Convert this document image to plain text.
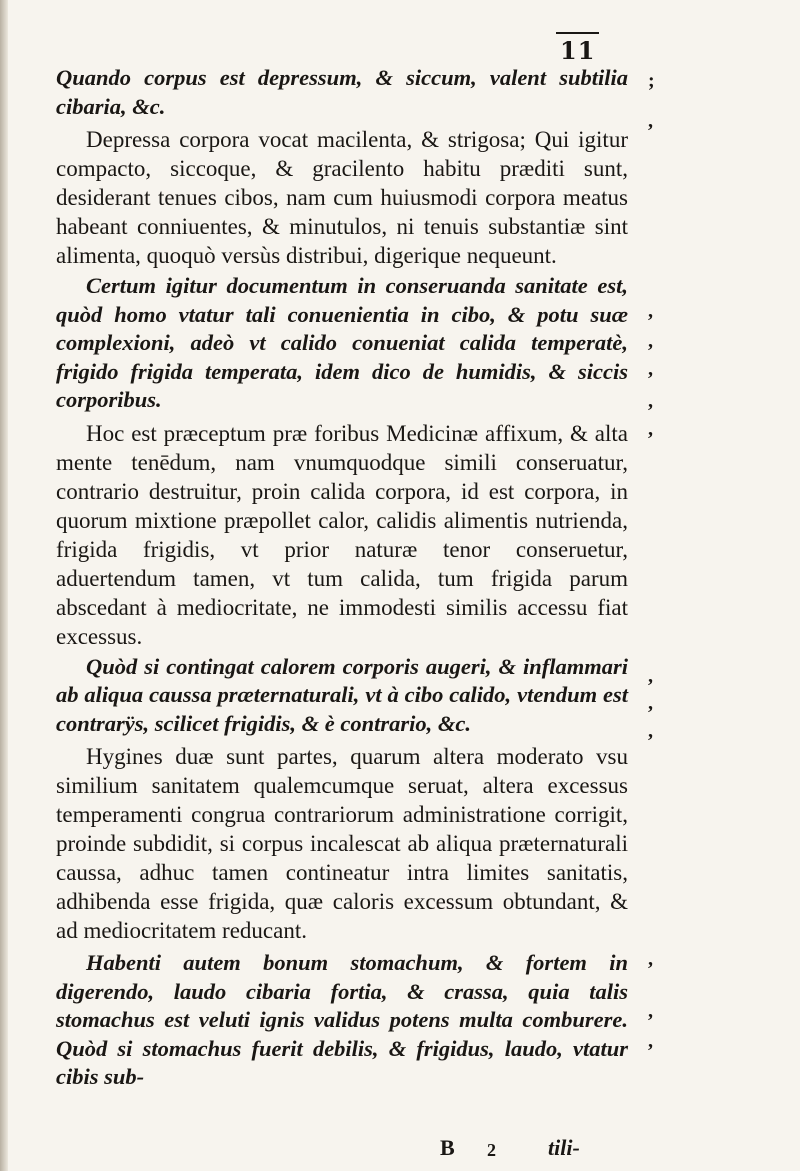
11

Quando corpus est depressum, & siccum, valent subtilia cibaria, &c.

Depressa corpora vocat macilenta, & strigosa; Qui igitur compacto, siccoque, & gracilento habitu præditi sunt, desiderant tenues cibos, nam cum huiusmodi corpora meatus habeant conniuentes, & minutulos, ni tenuis substantiæ sint alimenta, quoquò versùs distribui, digerique nequeunt.

Certum igitur documentum in conseruanda sanitate est, quòd homo vtatur tali conuenientia in cibo, & potu suæ complexioni, adeò vt calido conueniat calida temperatè, frigido frigida temperata, idem dico de humidis, & siccis corporibus.

Hoc est præceptum præ foribus Medicinæ affixum, & alta mente tenēdum, nam vnumquodque simili conseruatur, contrario destruitur, proin calida corpora, id est corpora, in quorum mixtione præpollet calor, calidis alimentis nutrienda, frigida frigidis, vt prior naturæ tenor conseruetur, aduertendum tamen, vt tum calida, tum frigida parum abscedant à mediocritate, ne immodesti similis accessu fiat excessus.

Quòd si contingat calorem corporis augeri, & inflammari ab aliqua caussa præternaturali, vt à cibo calido, vtendum est contrarÿs, scilicet frigidis, & è contrario, &c.

Hygines duæ sunt partes, quarum altera moderato vsu similium sanitatem qualemcumque seruat, altera excessus temperamenti congrua contrariorum administratione corrigit, proinde subdidit, si corpus incalescat ab aliqua præternaturali caussa, adhuc tamen contineatur intra limites sanitatis, adhibenda esse frigida, quæ caloris excessum obtundant, & ad mediocritatem reducant.

Habenti autem bonum stomachum, & fortem in digerendo, laudo cibaria fortia, & crassa, quia talis stomachus est veluti ignis validus potens multa comburere. Quòd si stomachus fuerit debilis, & frigidus, laudo, vtatur cibis sub-

;
,
,
,
,
,
,
,
,
,
,
,
,
B 2 tili-
